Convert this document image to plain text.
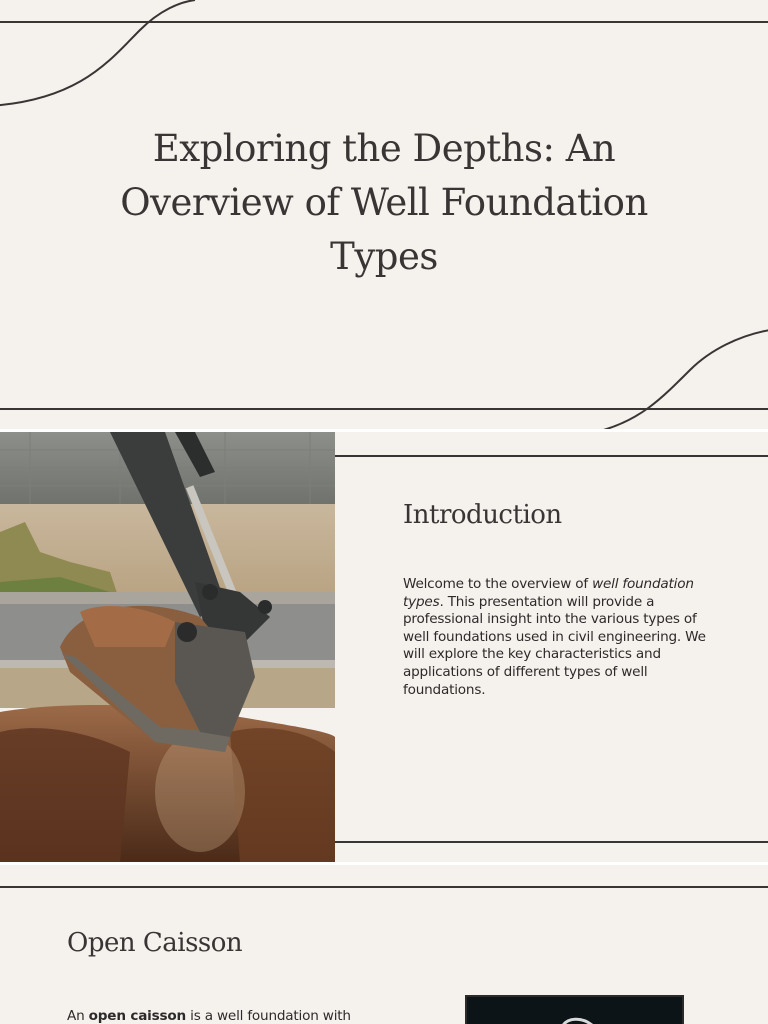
Exploring the Depths: An Overview of Well Foundation Types
Introduction

Welcome to the overview of well foundation types. This presentation will provide a professional insight into the various types of well foundations used in civil engineering. We will explore the key characteristics and applications of different types of well foundations.

Open Caisson

An open caisson is a well foundation with
